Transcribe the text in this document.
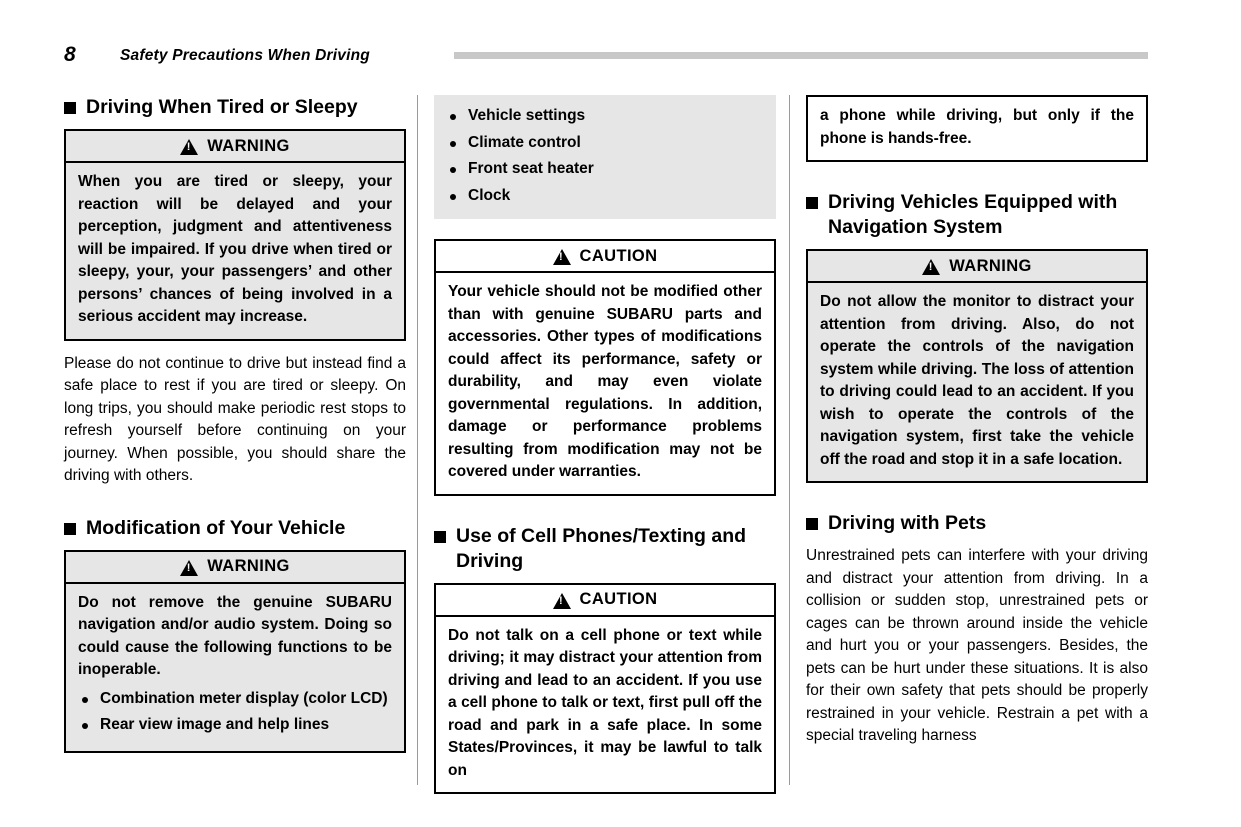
8	Safety Precautions When Driving
Driving When Tired or Sleepy
!
WARNING

When you are tired or sleepy, your reaction will be delayed and your perception, judgment and attentiveness will be impaired. If you drive when tired or sleepy, your, your passengers’ and other persons’ chances of being involved in a serious accident may increase.

Please do not continue to drive but instead find a safe place to rest if you are tired or sleepy. On long trips, you should make periodic rest stops to refresh yourself before continuing on your journey. When possible, you should share the driving with others.

Modification of Your Vehicle
!
WARNING

Do not remove the genuine SUBARU navigation and/or audio system. Doing so could cause the following functions to be inoperable.

Combination meter display (color LCD)
Rear view image and help lines
Vehicle settings
Climate control
Front seat heater
Clock
!
CAUTION

Your vehicle should not be modified other than with genuine SUBARU parts and accessories. Other types of modifications could affect its performance, safety or durability, and may even violate governmental regulations. In addition, damage or performance problems resulting from modification may not be covered under warranties.

Use of Cell Phones/Texting and Driving
!
CAUTION

Do not talk on a cell phone or text while driving; it may distract your attention from driving and lead to an accident. If you use a cell phone to talk or text, first pull off the road and park in a safe place. In some States/Provinces, it may be lawful to talk on

a phone while driving, but only if the phone is hands-free.

Driving Vehicles Equipped with Navigation System
!
WARNING

Do not allow the monitor to distract your attention from driving. Also, do not operate the controls of the navigation system while driving. The loss of attention to driving could lead to an accident. If you wish to operate the controls of the navigation system, first take the vehicle off the road and stop it in a safe location.

Driving with Pets

Unrestrained pets can interfere with your driving and distract your attention from driving. In a collision or sudden stop, unrestrained pets or cages can be thrown around inside the vehicle and hurt you or your passengers. Besides, the pets can be hurt under these situations. It is also for their own safety that pets should be properly restrained in your vehicle. Restrain a pet with a special traveling harness
